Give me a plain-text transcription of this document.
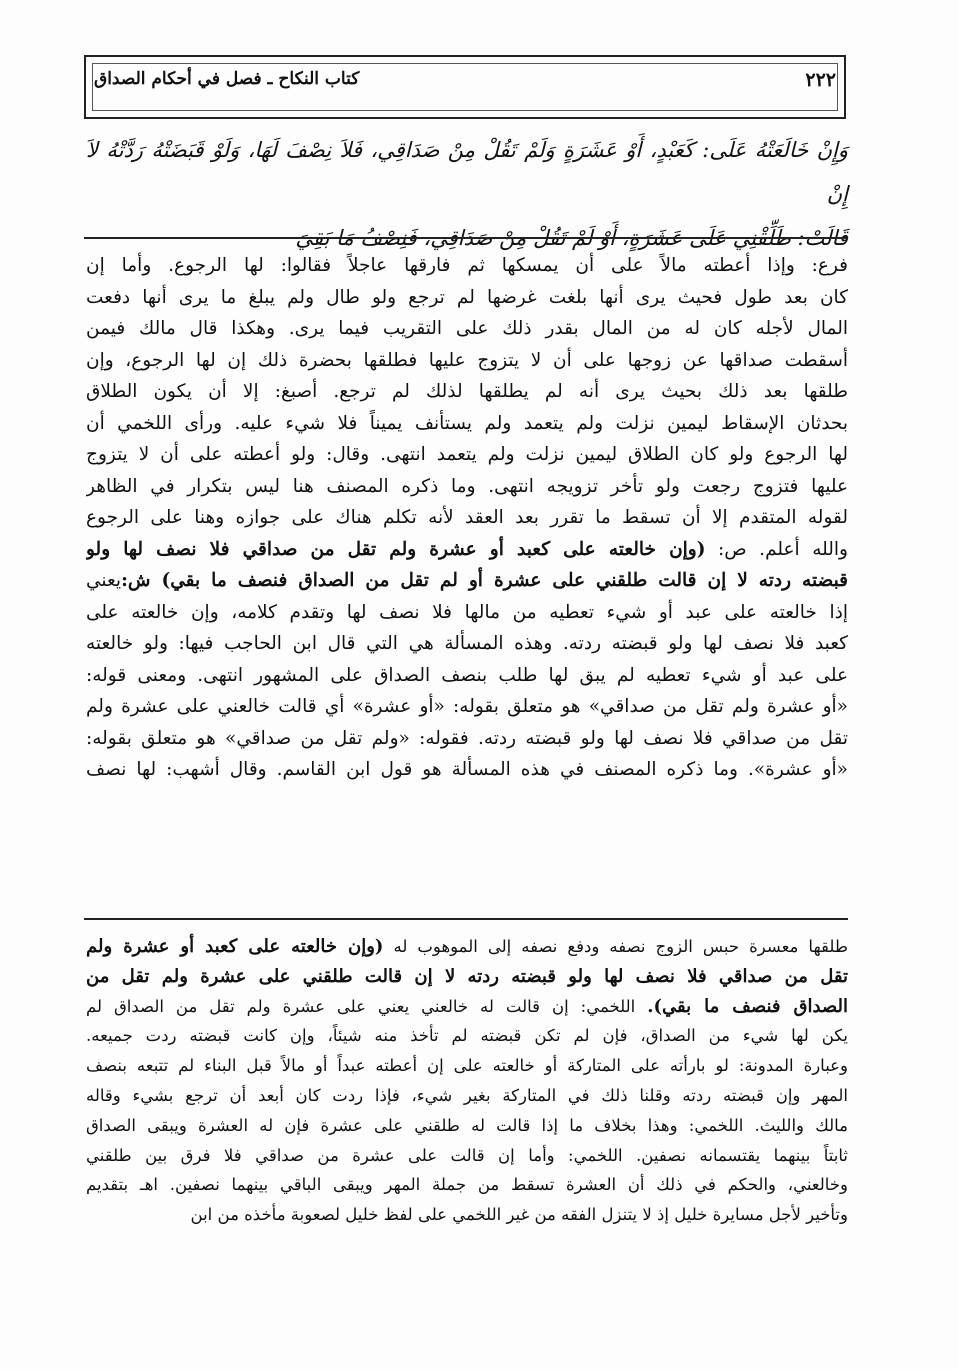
٢٢٢
كتاب النكاح ـ فصل في أحكام الصداق

وَإِنْ خَالَعَتْهُ عَلَى: كَعَبْدٍ، أَوْ عَشَرَةٍ وَلَمْ تَقُلْ مِنْ صَدَاقِي، فَلاَ نِصْفَ لَهَا، وَلَوْ قَبَضَتْهُ رَدَّتْهُ لاَ إِنْ

قَالَتْ: طَلِّقْنِي عَلَى عَشَرَةٍ، أَوْ لَمْ تَقُلْ مِنْ صَدَاقِي، فَنِصْفُ مَا بَقِيَ

فرع: وإذا أعطته مالاً على أن يمسكها ثم فارقها عاجلاً فقالوا: لها الرجوع. وأما إن
كان بعد طول فحيث يرى أنها بلغت غرضها لم ترجع ولو طال ولم يبلغ ما يرى أنها دفعت
المال لأجله كان له من المال بقدر ذلك على التقريب فيما يرى. وهكذا قال مالك فيمن
أسقطت صداقها عن زوجها على أن لا يتزوج عليها فطلقها بحضرة ذلك إن لها الرجوع، وإن
طلقها بعد ذلك بحيث يرى أنه لم يطلقها لذلك لم ترجع. أصبغ: إلا أن يكون الطلاق
بحدثان الإسقاط ليمين نزلت ولم يتعمد ولم يستأنف يميناً فلا شيء عليه. ورأى اللخمي أن
لها الرجوع ولو كان الطلاق ليمين نزلت ولم يتعمد انتهى. وقال: ولو أعطته على أن لا يتزوج
عليها فتزوج رجعت ولو تأخر تزويجه انتهى. وما ذكره المصنف هنا ليس بتكرار في الظاهر
لقوله المتقدم إلا أن تسقط ما تقرر بعد العقد لأنه تكلم هناك على جوازه وهنا على الرجوع
والله أعلم. ص: (وإن خالعته على كعبد أو عشرة ولم تقل من صداقي فلا نصف لها ولو
قبضته ردته لا إن قالت طلقني على عشرة أو لم تقل من الصداق فنصف ما بقي) ش:يعني
إذا خالعته على عبد أو شيء تعطيه من مالها فلا نصف لها وتقدم كلامه، وإن خالعته على
كعبد فلا نصف لها ولو قبضته ردته. وهذه المسألة هي التي قال ابن الحاجب فيها: ولو خالعته
على عبد أو شيء تعطيه لم يبق لها طلب بنصف الصداق على المشهور انتهى. ومعنى قوله:
«أو عشرة ولم تقل من صداقي» هو متعلق بقوله: «أو عشرة» أي قالت خالعني على عشرة ولم
تقل من صداقي فلا نصف لها ولو قبضته ردته. فقوله: «ولم تقل من صداقي» هو متعلق بقوله:
«أو عشرة». وما ذكره المصنف في هذه المسألة هو قول ابن القاسم. وقال أشهب: لها نصف
طلقها معسرة حبس الزوج نصفه ودفع نصفه إلى الموهوب له (وإن خالعته على كعبد أو عشرة ولم
تقل من صداقي فلا نصف لها ولو قبضته ردته لا إن قالت طلقني على عشرة ولم تقل من
الصداق فنصف ما بقي). اللخمي: إن قالت له خالعني يعني على عشرة ولم تقل من الصداق لم
يكن لها شيء من الصداق، فإن لم تكن قبضته لم تأخذ منه شيئاً، وإن كانت قبضته ردت جميعه.
وعبارة المدونة: لو بارأته على المتاركة أو خالعته على إن أعطته عبداً أو مالاً قبل البناء لم تتبعه بنصف
المهر وإن قبضته ردته وقلنا ذلك في المتاركة بغير شيء، فإذا ردت كان أبعد أن ترجع بشيء وقاله
مالك والليث. اللخمي: وهذا بخلاف ما إذا قالت له طلقني على عشرة فإن له العشرة ويبقى الصداق
ثابتاً بينهما يقتسمانه نصفين. اللخمي: وأما إن قالت على عشرة من صداقي فلا فرق بين طلقني
وخالعني، والحكم في ذلك أن العشرة تسقط من جملة المهر ويبقى الباقي بينهما نصفين. اهـ بتقديم
وتأخير لأجل مسايرة خليل إذ لا يتنزل الفقه من غير اللخمي على لفظ خليل لصعوبة مأخذه من ابن
